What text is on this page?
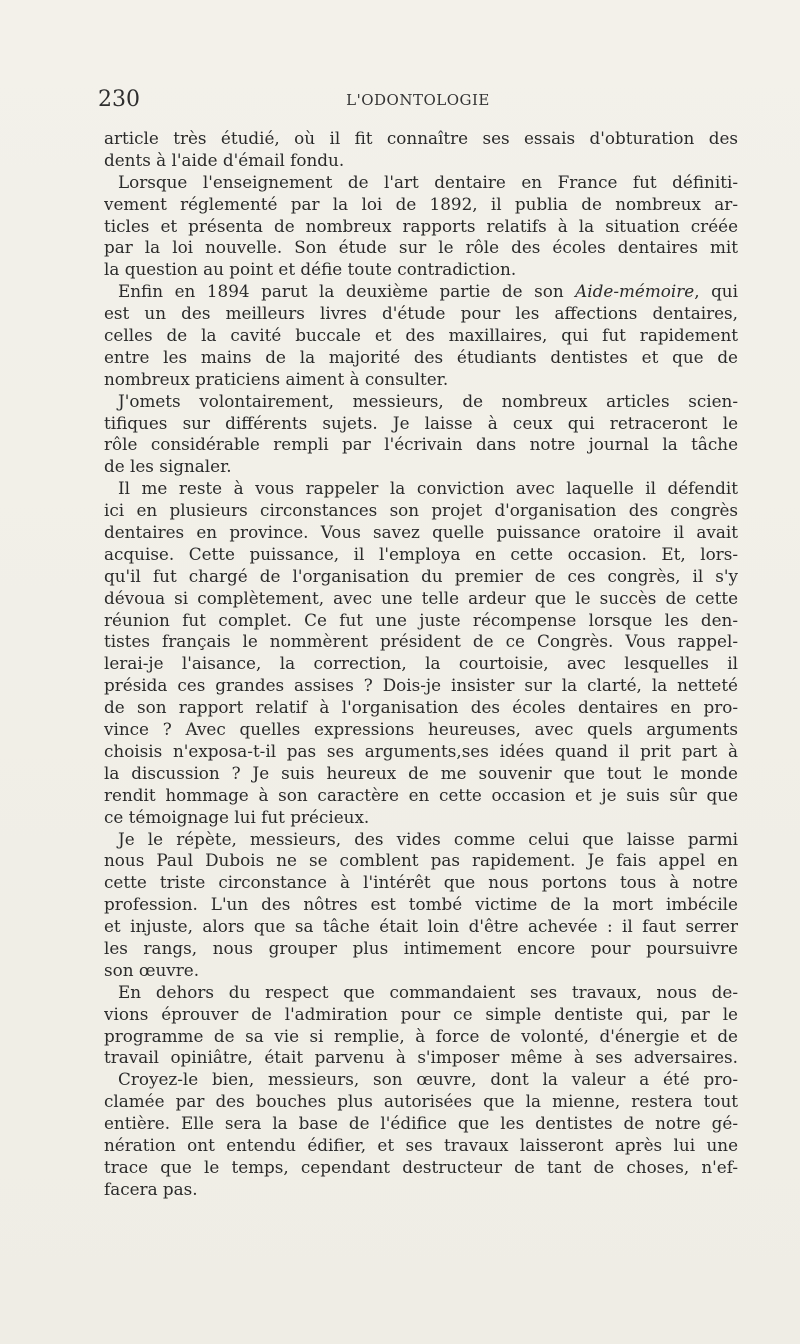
230	L'ODONTOLOGIE
article très étudié, où il fit connaître ses essais d'obturation des
dents à l'aide d'émail fondu.
Lorsque l'enseignement de l'art dentaire en France fut définiti-
vement réglementé par la loi de 1892, il publia de nombreux ar-
ticles et présenta de nombreux rapports relatifs à la situation créée
par la loi nouvelle. Son étude sur le rôle des écoles dentaires mit
la question au point et défie toute contradiction.
Enfin en 1894 parut la deuxième partie de son Aide-mémoire, qui
est un des meilleurs livres d'étude pour les affections dentaires,
celles de la cavité buccale et des maxillaires, qui fut rapidement
entre les mains de la majorité des étudiants dentistes et que de
nombreux praticiens aiment à consulter.
J'omets volontairement, messieurs, de nombreux articles scien-
tifiques sur différents sujets. Je laisse à ceux qui retraceront le
rôle considérable rempli par l'écrivain dans notre journal la tâche
de les signaler.
Il me reste à vous rappeler la conviction avec laquelle il défendit
ici en plusieurs circonstances son projet d'organisation des congrès
dentaires en province. Vous savez quelle puissance oratoire il avait
acquise. Cette puissance, il l'employa en cette occasion. Et, lors-
qu'il fut chargé de l'organisation du premier de ces congrès, il s'y
dévoua si complètement, avec une telle ardeur que le succès de cette
réunion fut complet. Ce fut une juste récompense lorsque les den-
tistes français le nommèrent président de ce Congrès. Vous rappel-
lerai-je l'aisance, la correction, la courtoisie, avec lesquelles il
présida ces grandes assises ? Dois-je insister sur la clarté, la netteté
de son rapport relatif à l'organisation des écoles dentaires en pro-
vince ? Avec quelles expressions heureuses, avec quels arguments
choisis n'exposa-t-il pas ses arguments,ses idées quand il prit part à
la discussion ? Je suis heureux de me souvenir que tout le monde
rendit hommage à son caractère en cette occasion et je suis sûr que
ce témoignage lui fut précieux.
Je le répète, messieurs, des vides comme celui que laisse parmi
nous Paul Dubois ne se comblent pas rapidement. Je fais appel en
cette triste circonstance à l'intérêt que nous portons tous à notre
profession. L'un des nôtres est tombé victime de la mort imbécile
et injuste, alors que sa tâche était loin d'être achevée : il faut serrer
les rangs, nous grouper plus intimement encore pour poursuivre
son œuvre.
En dehors du respect que commandaient ses travaux, nous de-
vions éprouver de l'admiration pour ce simple dentiste qui, par le
programme de sa vie si remplie, à force de volonté, d'énergie et de
travail opiniâtre, était parvenu à s'imposer même à ses adversaires.
Croyez-le bien, messieurs, son œuvre, dont la valeur a été pro-
clamée par des bouches plus autorisées que la mienne, restera tout
entière. Elle sera la base de l'édifice que les dentistes de notre gé-
nération ont entendu édifier, et ses travaux laisseront après lui une
trace que le temps, cependant destructeur de tant de choses, n'ef-
facera pas.
